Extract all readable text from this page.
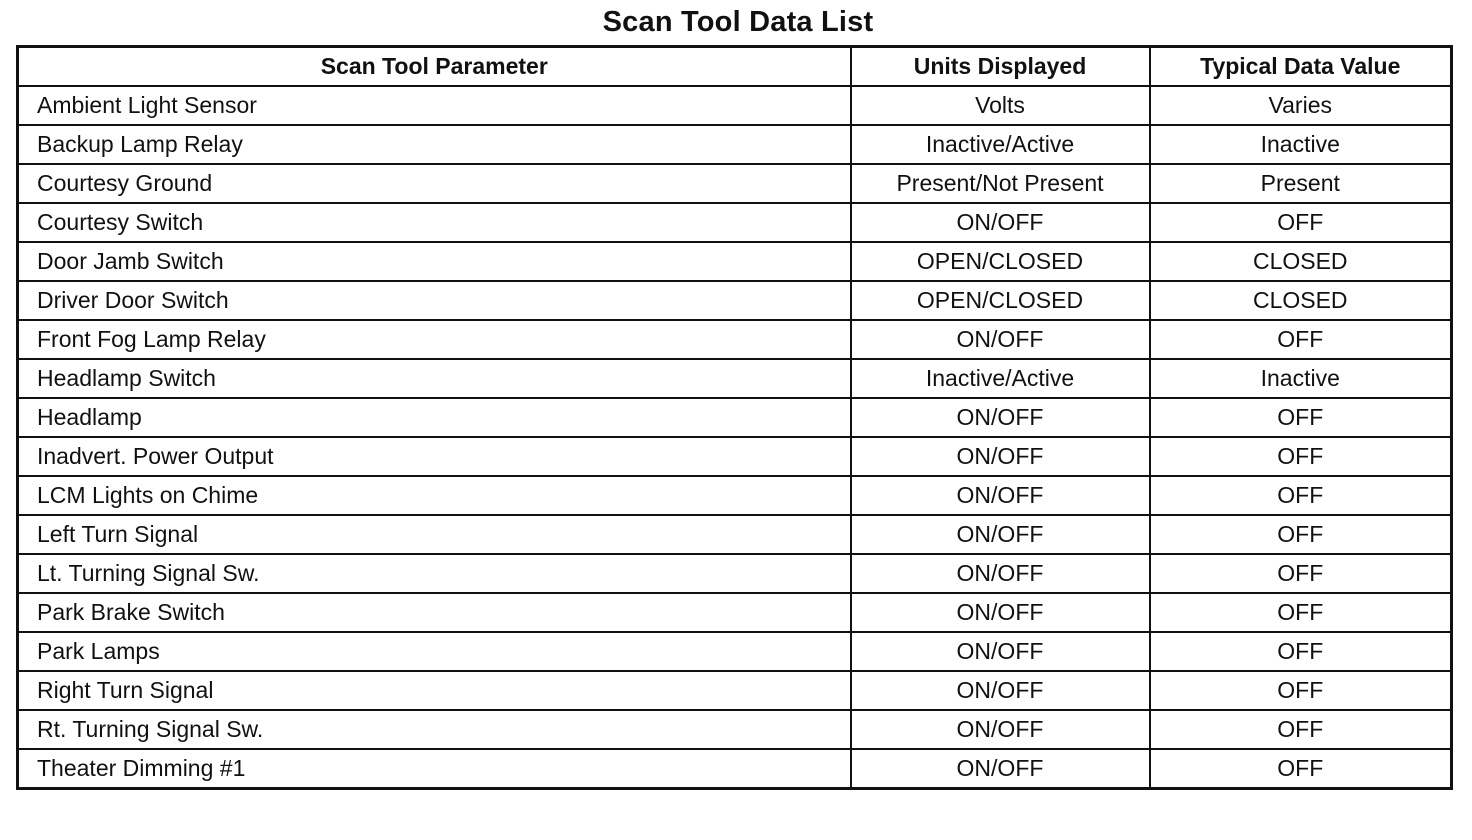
Scan Tool Data List
Scan Tool Parameter	Units Displayed	Typical Data Value
Ambient Light Sensor	Volts	Varies
Backup Lamp Relay	Inactive/Active	Inactive
Courtesy Ground	Present/Not Present	Present
Courtesy Switch	ON/OFF	OFF
Door Jamb Switch	OPEN/CLOSED	CLOSED
Driver Door Switch	OPEN/CLOSED	CLOSED
Front Fog Lamp Relay	ON/OFF	OFF
Headlamp Switch	Inactive/Active	Inactive
Headlamp	ON/OFF	OFF
Inadvert. Power Output	ON/OFF	OFF
LCM Lights on Chime	ON/OFF	OFF
Left Turn Signal	ON/OFF	OFF
Lt. Turning Signal Sw.	ON/OFF	OFF
Park Brake Switch	ON/OFF	OFF
Park Lamps	ON/OFF	OFF
Right Turn Signal	ON/OFF	OFF
Rt. Turning Signal Sw.	ON/OFF	OFF
Theater Dimming #1	ON/OFF	OFF
